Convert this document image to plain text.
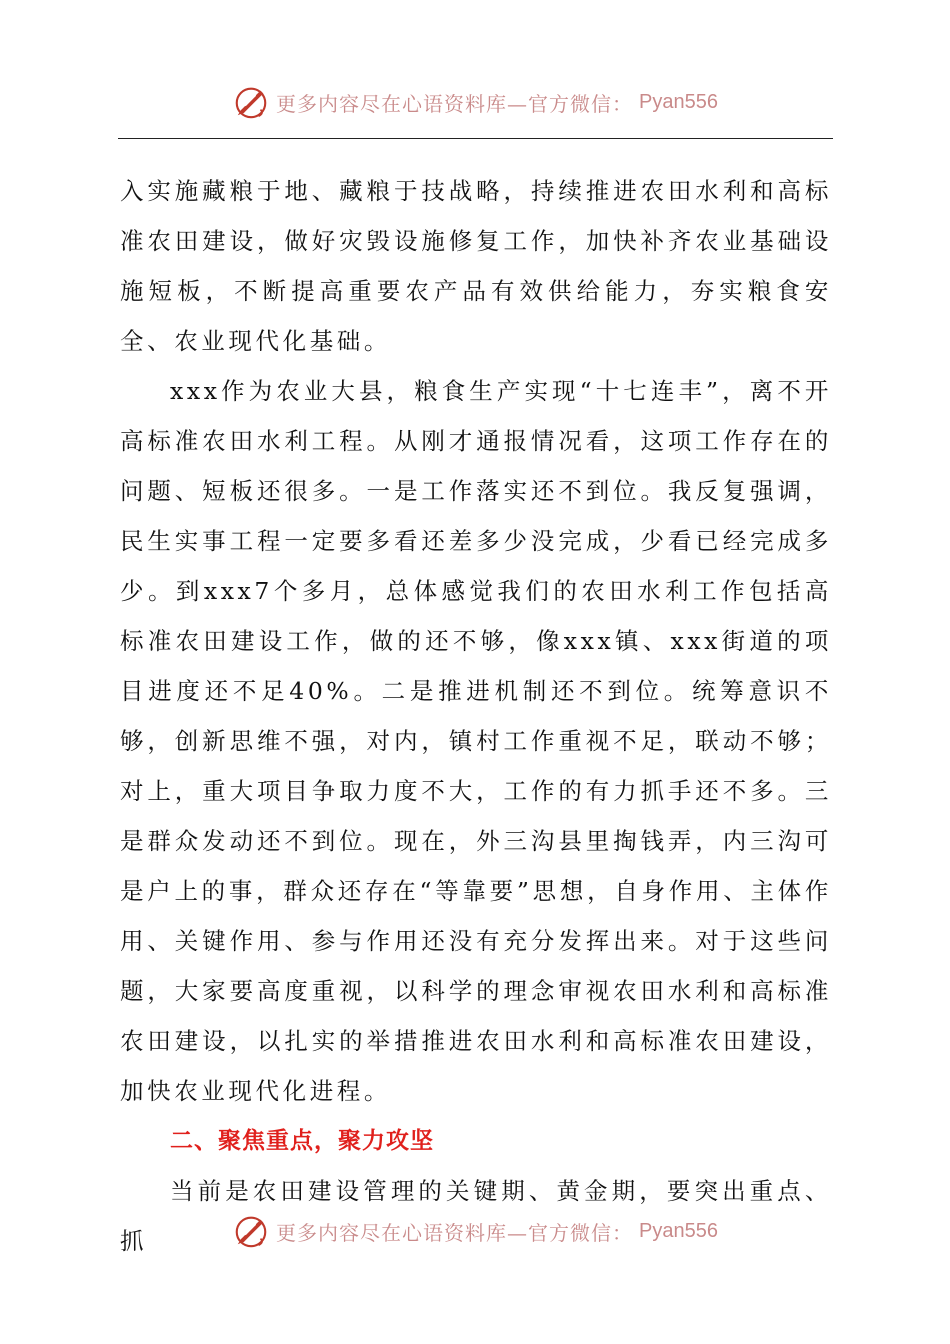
更多内容尽在心语资料库—官方微信： Pyan556

入实施藏粮于地、藏粮于技战略，持续推进农田水利和高标准农田建设，做好灾毁设施修复工作，加快补齐农业基础设施短板，不断提高重要农产品有效供给能力，夯实粮食安全、农业现代化基础。

xxx作为农业大县，粮食生产实现“十七连丰”，离不开高标准农田水利工程。从刚才通报情况看，这项工作存在的问题、短板还很多。一是工作落实还不到位。我反复强调，民生实事工程一定要多看还差多少没完成，少看已经完成多少。到xxx7个多月，总体感觉我们的农田水利工作包括高标准农田建设工作，做的还不够，像xxx镇、xxx街道的项目进度还不足40%。二是推进机制还不到位。统筹意识不够，创新思维不强，对内，镇村工作重视不足，联动不够；对上，重大项目争取力度不大，工作的有力抓手还不多。三是群众发动还不到位。现在，外三沟县里掏钱弄，内三沟可是户上的事，群众还存在“等靠要”思想，自身作用、主体作用、关键作用、参与作用还没有充分发挥出来。对于这些问题，大家要高度重视，以科学的理念审视农田水利和高标准农田建设，以扎实的举措推进农田水利和高标准农田建设，加快农业现代化进程。

二、聚焦重点，聚力攻坚

当前是农田建设管理的关键期、黄金期，要突出重点、抓	更多内容尽在心语资料库—官方微信： Pyan556
